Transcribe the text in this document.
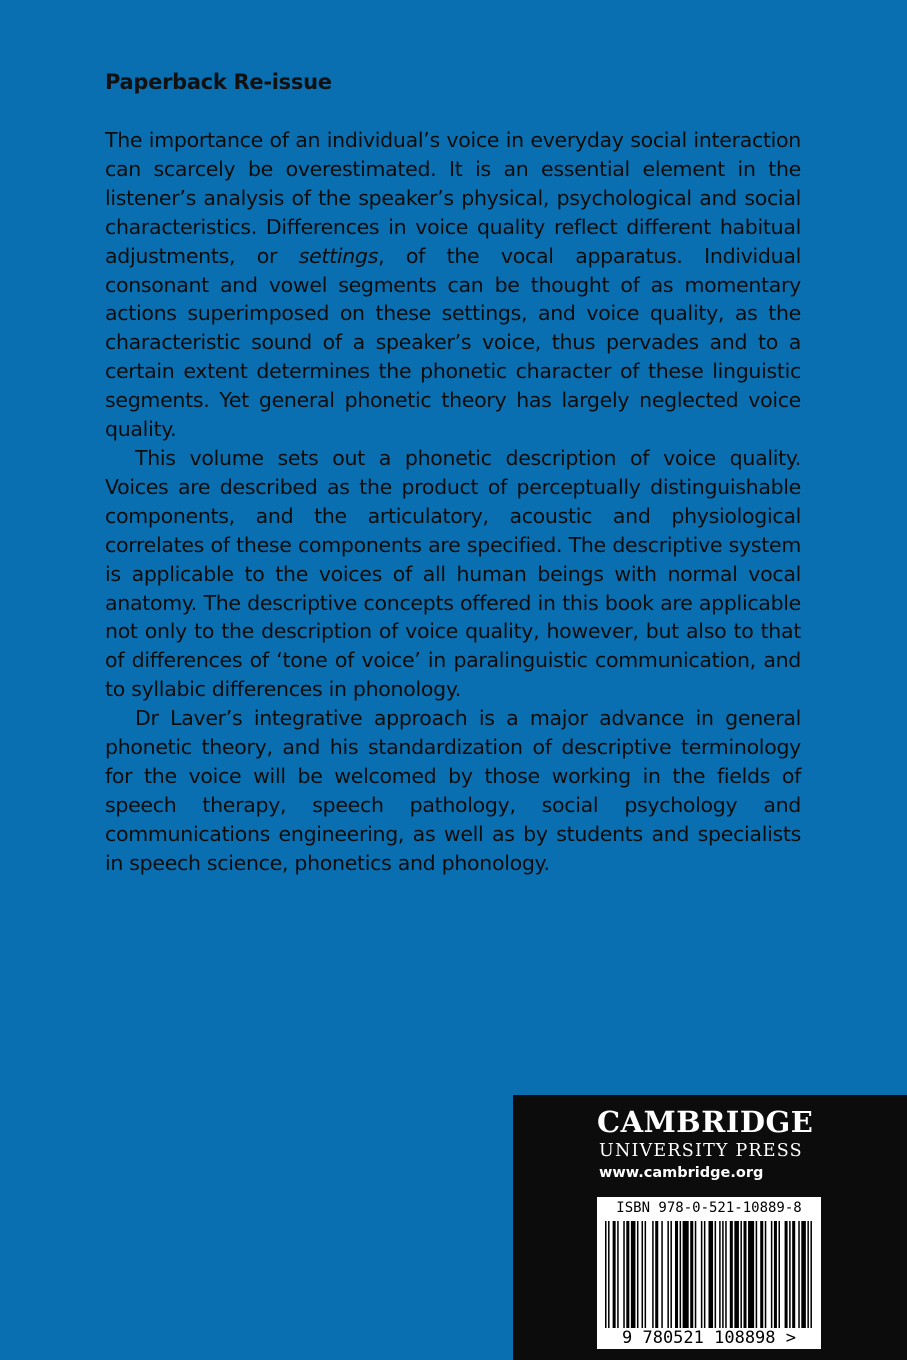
Paperback Re-issue

The importance of an individual’s voice in everyday social interaction can scarcely be overestimated. It is an essential element in the listener’s analysis of the speaker’s physical, psychological and social characteristics. Differences in voice quality reflect different habitual adjustments, or settings, of the vocal apparatus. Individual consonant and vowel segments can be thought of as momentary actions superimposed on these settings, and voice quality, as the characteristic sound of a speaker’s voice, thus pervades and to a certain extent determines the phonetic character of these linguistic segments. Yet general phonetic theory has largely neglected voice quality.

This volume sets out a phonetic description of voice quality. Voices are described as the product of perceptually distinguishable components, and the articulatory, acoustic and physiological correlates of these components are specified. The descriptive system is applicable to the voices of all human beings with normal vocal anatomy. The descriptive concepts offered in this book are applicable not only to the description of voice quality, however, but also to that of differences of ‘tone of voice’ in paralinguistic communication, and to syllabic differences in phonology.

Dr Laver’s integrative approach is a major advance in general phonetic theory, and his standardization of descriptive terminology for the voice will be welcomed by those working in the fields of speech therapy, speech pathology, social psychology and communications engineering, as well as by students and specialists in speech science, phonetics and phonology.

CAMBRIDGE
UNIVERSITY PRESS
www.cambridge.org
ISBN 978-0-521-10889-8
9 780521 108898 >
